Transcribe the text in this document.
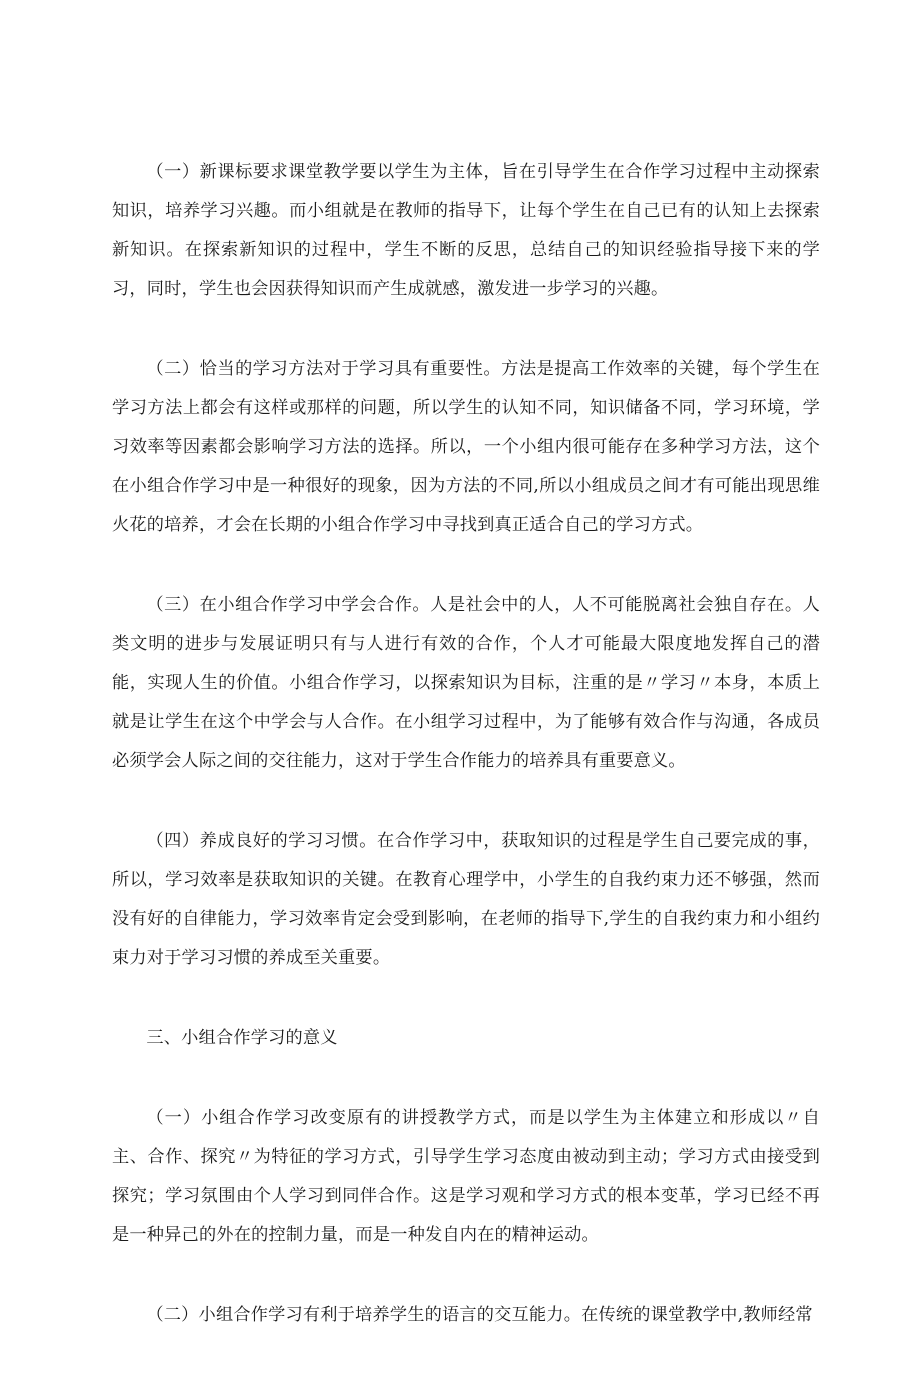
（一）新课标要求课堂教学要以学生为主体，旨在引导学生在合作学习过程中主动探索知识，培养学习兴趣。而小组就是在教师的指导下，让每个学生在自己已有的认知上去探索新知识。在探索新知识的过程中，学生不断的反思，总结自己的知识经验指导接下来的学习，同时，学生也会因获得知识而产生成就感，激发进一步学习的兴趣。

（二）恰当的学习方法对于学习具有重要性。方法是提高工作效率的关键，每个学生在学习方法上都会有这样或那样的问题，所以学生的认知不同，知识储备不同，学习环境，学习效率等因素都会影响学习方法的选择。所以，一个小组内很可能存在多种学习方法，这个在小组合作学习中是一种很好的现象，因为方法的不同,所以小组成员之间才有可能出现思维火花的培养，才会在长期的小组合作学习中寻找到真正适合自己的学习方式。

（三）在小组合作学习中学会合作。人是社会中的人，人不可能脱离社会独自存在。人类文明的进步与发展证明只有与人进行有效的合作，个人才可能最大限度地发挥自己的潜能，实现人生的价值。小组合作学习，以探索知识为目标，注重的是〃学习〃本身，本质上就是让学生在这个中学会与人合作。在小组学习过程中，为了能够有效合作与沟通，各成员必须学会人际之间的交往能力，这对于学生合作能力的培养具有重要意义。

（四）养成良好的学习习惯。在合作学习中，获取知识的过程是学生自己要完成的事，所以，学习效率是获取知识的关键。在教育心理学中，小学生的自我约束力还不够强，然而没有好的自律能力，学习效率肯定会受到影响，在老师的指导下,学生的自我约束力和小组约束力对于学习习惯的养成至关重要。

三、小组合作学习的意义

（一）小组合作学习改变原有的讲授教学方式，而是以学生为主体建立和形成以〃自主、合作、探究〃为特征的学习方式，引导学生学习态度由被动到主动；学习方式由接受到探究；学习氛围由个人学习到同伴合作。这是学习观和学习方式的根本变革，学习已经不再是一种异己的外在的控制力量，而是一种发自内在的精神运动。

（二）小组合作学习有利于培养学生的语言的交互能力。在传统的课堂教学中,教师经常
